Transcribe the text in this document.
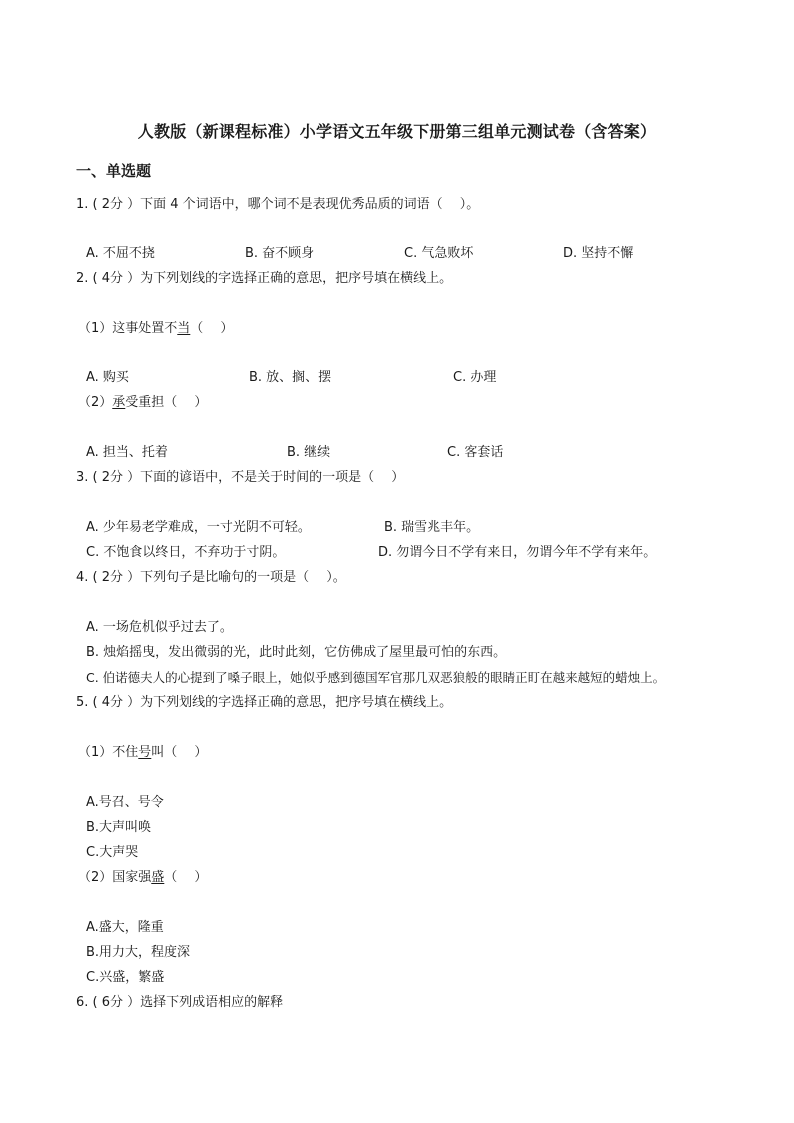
人教版（新课程标准）小学语文五年级下册第三组单元测试卷（含答案）
一、单选题
1. ( 2分 ）下面 4 个词语中，哪个词不是表现优秀品质的词语（　 ）。
A. 不屈不挠	B. 奋不顾身	C. 气急败坏	D. 坚持不懈
2. ( 4分 ）为下列划线的字选择正确的意思，把序号填在横线上。
（1）这事处置不当（　 ）
A. 购买	B. 放、搁、摆	C. 办理
（2）承受重担（　 ）
A. 担当、托着	B. 继续	C. 客套话
3. ( 2分 ）下面的谚语中，不是关于时间的一项是（　 ）
A. 少年易老学难成，一寸光阴不可轻。	B. 瑞雪兆丰年。
C. 不饱食以终日，不弃功于寸阴。	D. 勿谓今日不学有来日，勿谓今年不学有来年。
4. ( 2分 ）下列句子是比喻句的一项是（　 ）。
A. 一场危机似乎过去了。
B. 烛焰摇曳，发出微弱的光，此时此刻，它仿佛成了屋里最可怕的东西。
C. 伯诺德夫人的心提到了嗓子眼上，她似乎感到德国军官那几双恶狼般的眼睛正盯在越来越短的蜡烛上。
5. ( 4分 ）为下列划线的字选择正确的意思，把序号填在横线上。
（1）不住号叫（　 ）
A.号召、号令
B.大声叫唤
C.大声哭
（2）国家强盛（　 ）
A.盛大，隆重
B.用力大，程度深
C.兴盛，繁盛
6. ( 6分 ）选择下列成语相应的解释
